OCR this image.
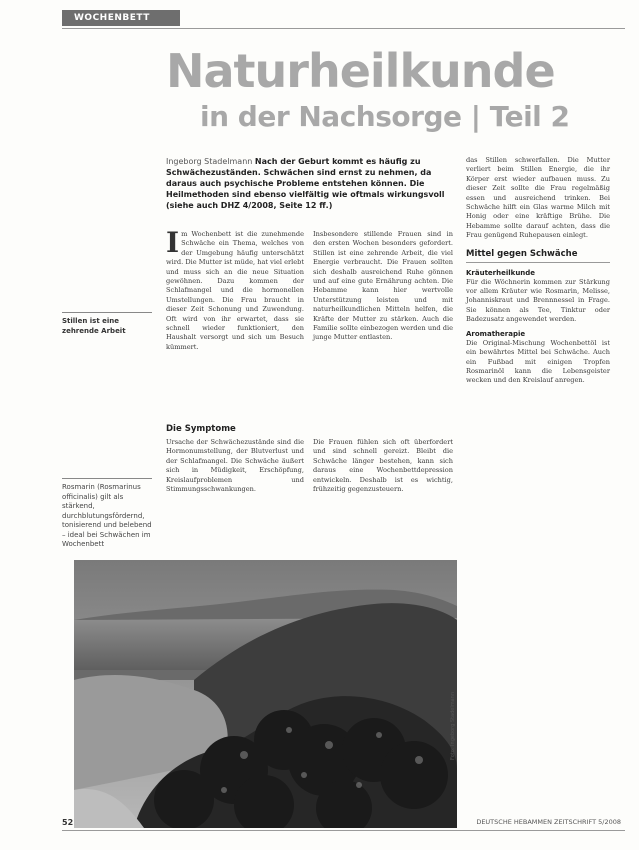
WOCHENBETT
Naturheilkunde
in der Nachsorge | Teil 2
Ingeborg Stadelmann Nach der Geburt kommt es häufig zu Schwächezuständen. Schwächen sind ernst zu nehmen, da daraus auch psychische Probleme entstehen können. Die Heilmethoden sind ebenso vielfältig wie oftmals wirkungsvoll (siehe auch DHZ 4/2008, Seite 12 ff.)
Stillen ist eine zehrende Arbeit
Rosmarin (Rosmarinus officinalis) gilt als stärkend, durchblutungsfördernd, tonisierend und belebend – ideal bei Schwächen im Wochenbett
Im Wochenbett ist die zunehmende Schwäche ein Thema, welches von der Umgebung häufig unterschätzt wird. Die Mutter ist müde, hat viel erlebt und muss sich an die neue Situation gewöhnen. Dazu kommen der Schlafmangel und die hormonellen Umstellungen. Die Frau braucht in dieser Zeit Schonung und Zuwendung. Oft wird von ihr erwartet, dass sie schnell wieder funktioniert, den Haushalt versorgt und sich um Besuch kümmert.

Insbesondere stillende Frauen sind in den ersten Wochen besonders gefordert. Stillen ist eine zehrende Arbeit, die viel Energie verbraucht. Die Frauen sollten sich deshalb ausreichend Ruhe gönnen und auf eine gute Ernährung achten. Die Hebamme kann hier wertvolle Unterstützung leisten und mit naturheilkundlichen Mitteln helfen, die Kräfte der Mutter zu stärken. Auch die Familie sollte einbezogen werden und die junge Mutter entlasten.

Die Symptome

Ursache der Schwächezustände sind die Hormonumstellung, der Blutverlust und der Schlafmangel. Die Schwäche äußert sich in Müdigkeit, Erschöpfung, Kreislaufproblemen und Stimmungsschwankungen.

Die Frauen fühlen sich oft überfordert und sind schnell gereizt. Bleibt die Schwäche länger bestehen, kann sich daraus eine Wochenbettdepression entwickeln. Deshalb ist es wichtig, frühzeitig gegenzusteuern.

das Stillen schwerfallen. Die Mutter verliert beim Stillen Energie, die ihr Körper erst wieder aufbauen muss. Zu dieser Zeit sollte die Frau regelmäßig essen und ausreichend trinken. Bei Schwäche hilft ein Glas warme Milch mit Honig oder eine kräftige Brühe. Die Hebamme sollte darauf achten, dass die Frau genügend Ruhepausen einlegt.

Mittel gegen Schwäche
Kräuterheilkunde

Für die Wöchnerin kommen zur Stärkung vor allem Kräuter wie Rosmarin, Melisse, Johanniskraut und Brennnessel in Frage. Sie können als Tee, Tinktur oder Badezusatz angewendet werden.

Aromatherapie

Die Original-Mischung Wochenbettöl ist ein bewährtes Mittel bei Schwäche. Auch ein Fußbad mit einigen Tropfen Rosmarinöl kann die Lebensgeister wecken und den Kreislauf anregen.

Foto: Ingeborg Stadelmann
52	DEUTSCHE HEBAMMEN ZEITSCHRIFT 5/2008
